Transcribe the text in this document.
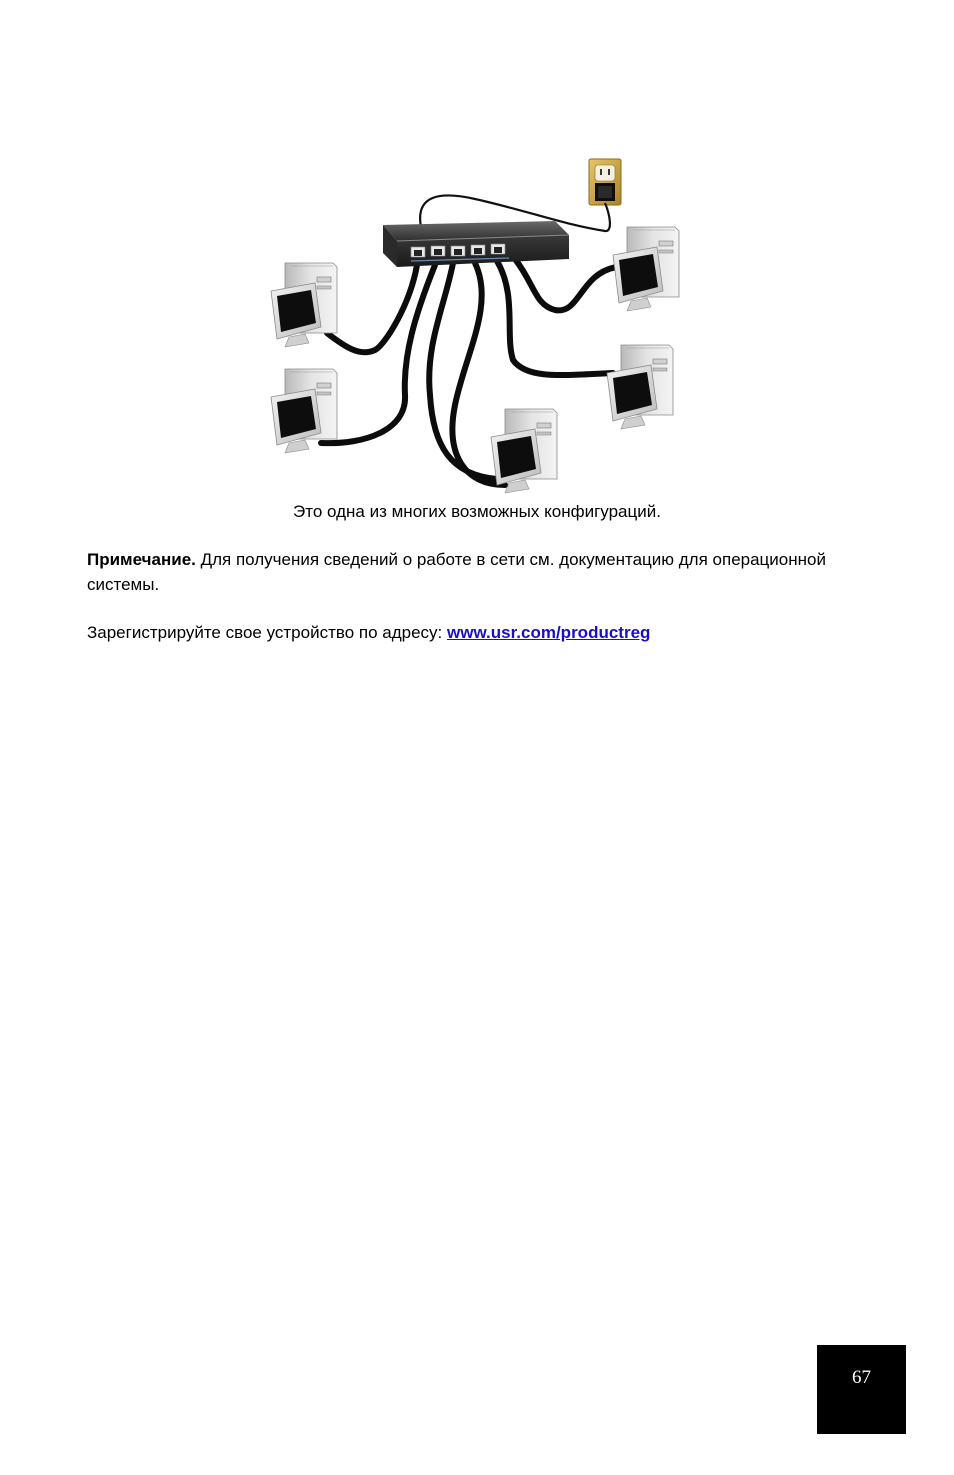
Это одна из многих возможных конфигураций.
Примечание. Для получения сведений о работе в сети см. документацию для операционной системы.
Зарегистрируйте свое устройство по адресу: www.usr.com/productreg
67
